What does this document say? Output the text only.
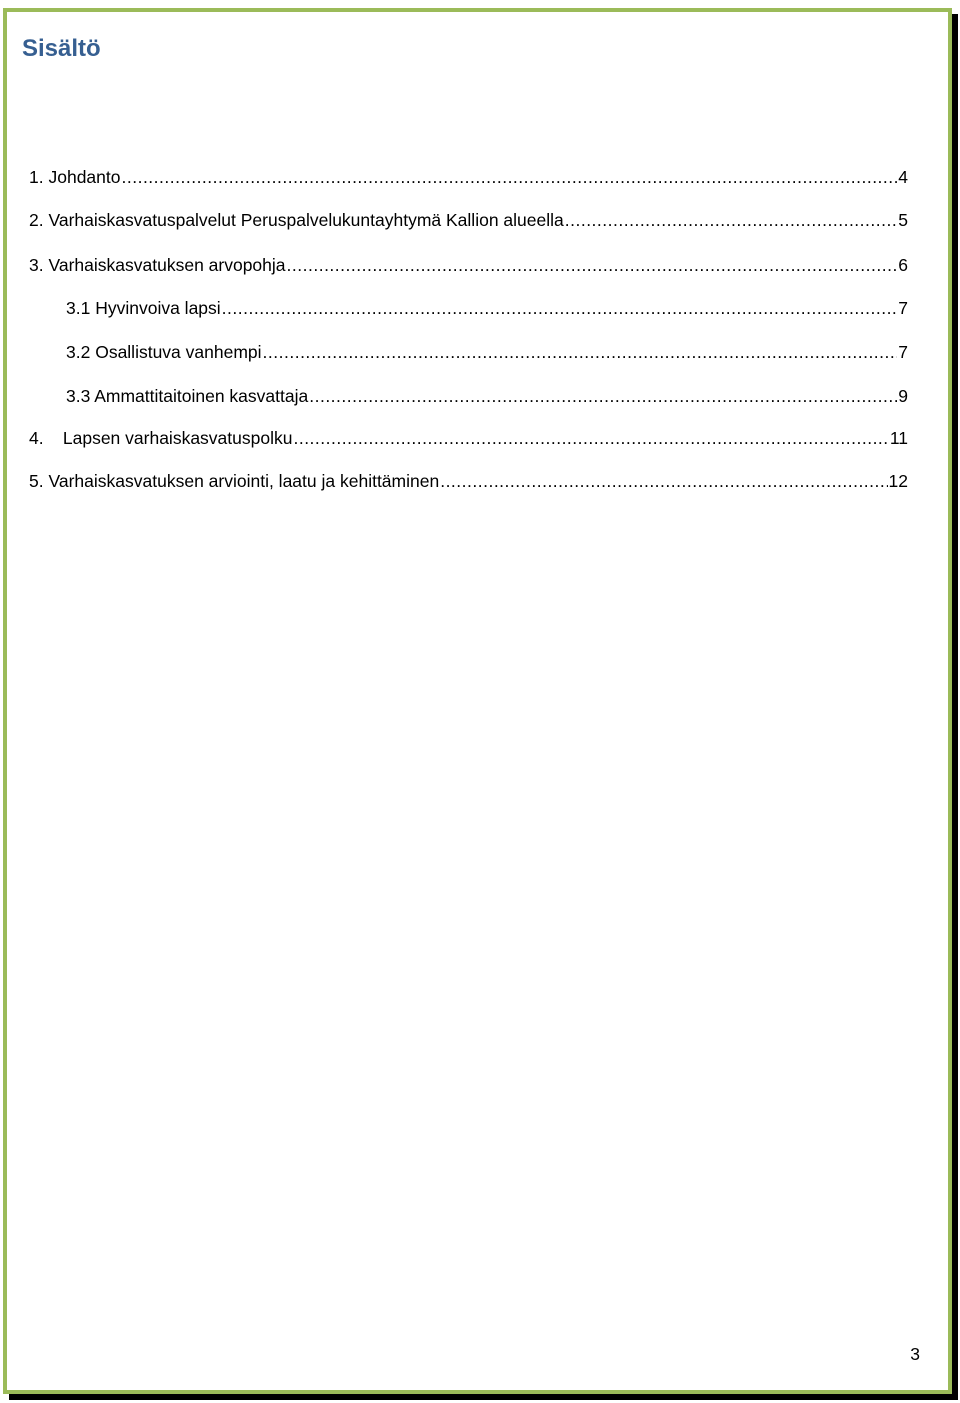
Sisältö
1. Johdanto .....	4
2. Varhaiskasvatuspalvelut Peruspalvelukuntayhtymä Kallion alueella .....	5
3. Varhaiskasvatuksen arvopohja .....	6
3.1 Hyvinvoiva lapsi .....	7
3.2 Osallistuva vanhempi .....	7
3.3 Ammattitaitoinen kasvattaja .....	9
4. Lapsen varhaiskasvatuspolku .....	11
5. Varhaiskasvatuksen arviointi, laatu ja kehittäminen .....	12
3
